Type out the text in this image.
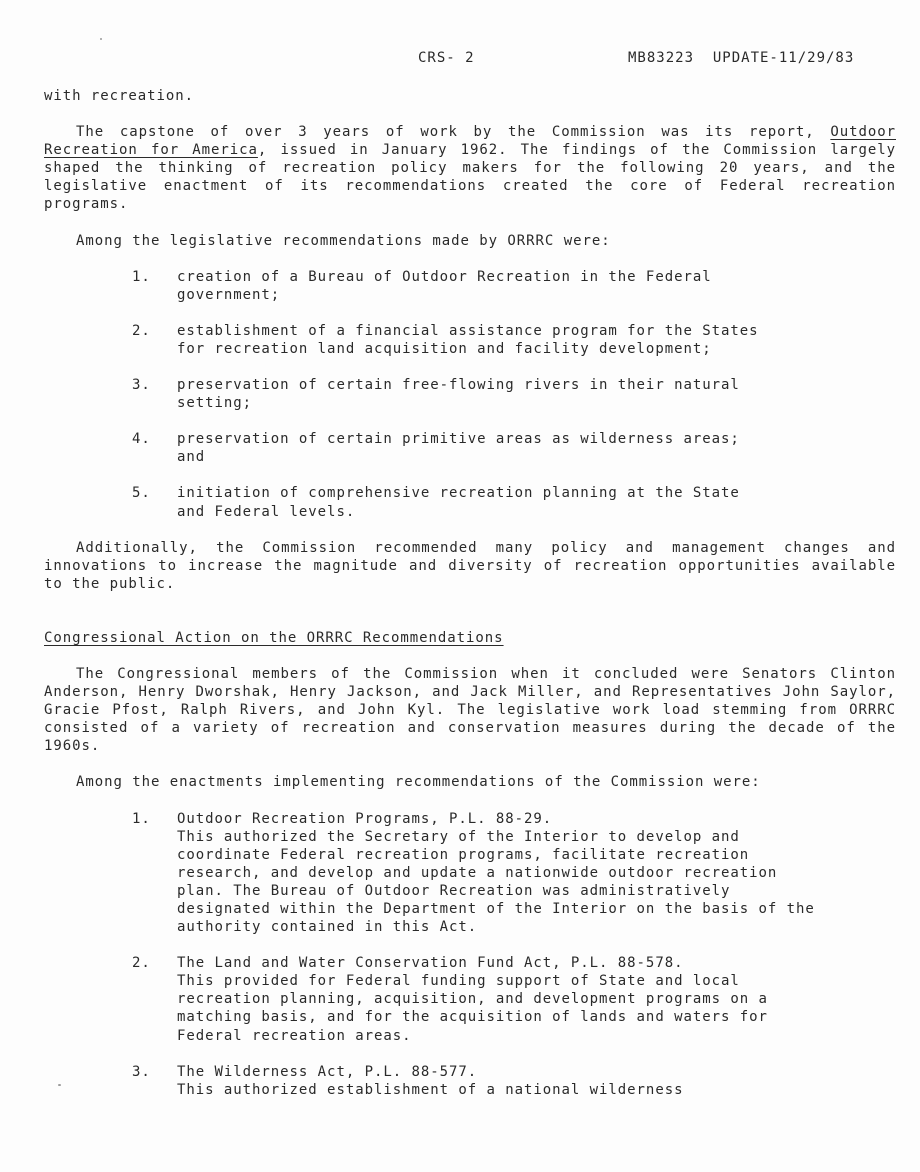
CRS- 2	MB83223  UPDATE-11/29/83

with recreation.

The capstone of over 3 years of work by the Commission was its report, Outdoor Recreation for America, issued in January 1962. The findings of the Commission largely shaped the thinking of recreation policy makers for the following 20 years, and the legislative enactment of its recommendations created the core of Federal recreation programs.

Among the legislative recommendations made by ORRRC were:

1. creation of a Bureau of Outdoor Recreation in the Federal government;
2. establishment of a financial assistance program for the States for recreation land acquisition and facility development;
3. preservation of certain free-flowing rivers in their natural setting;
4. preservation of certain primitive areas as wilderness areas; and
5. initiation of comprehensive recreation planning at the State and Federal levels.

Additionally, the Commission recommended many policy and management changes and innovations to increase the magnitude and diversity of recreation opportunities available to the public.

Congressional Action on the ORRRC Recommendations

The Congressional members of the Commission when it concluded were Senators Clinton Anderson, Henry Dworshak, Henry Jackson, and Jack Miller, and Representatives John Saylor, Gracie Pfost, Ralph Rivers, and John Kyl. The legislative work load stemming from ORRRC consisted of a variety of recreation and conservation measures during the decade of the 1960s.

Among the enactments implementing recommendations of the Commission were:

1. Outdoor Recreation Programs, P.L. 88-29.
This authorized the Secretary of the Interior to develop and coordinate Federal recreation programs, facilitate recreation research, and develop and update a nationwide outdoor recreation plan. The Bureau of Outdoor Recreation was administratively designated within the Department of the Interior on the basis of the authority contained in this Act.
2. The Land and Water Conservation Fund Act, P.L. 88-578.
This provided for Federal funding support of State and local recreation planning, acquisition, and development programs on a matching basis, and for the acquisition of lands and waters for Federal recreation areas.
3. The Wilderness Act, P.L. 88-577.
This authorized establishment of a national wilderness
